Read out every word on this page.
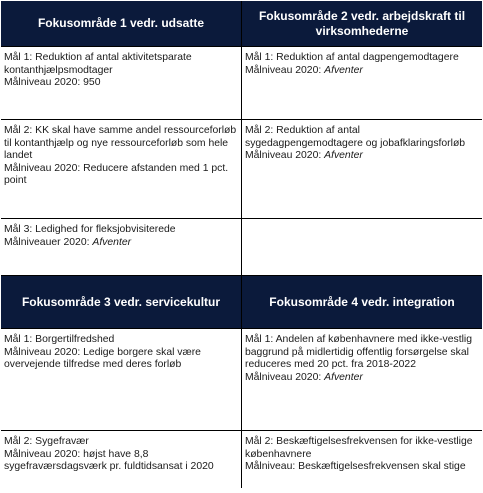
Fokusområde 1 vedr. udsatte
Fokusområde 2 vedr. arbejdskraft til virksomhederne
Mål 1: Reduktion af antal aktivitetsparate kontanthjælpsmodtager
Målniveau 2020: 950
Mål 1: Reduktion af antal dagpengemodtagere
Målniveau 2020: Afventer
Mål 2: KK skal have samme andel ressourceforløb til kontanthjælp og nye ressourceforløb som hele landet
Målniveau 2020: Reducere afstanden med 1 pct. point
Mål 2: Reduktion af antal sygedagpengemodtagere og jobafklaringsforløb
Målniveau 2020: Afventer
Mål 3: Ledighed for fleksjobvisiterede
Målniveauer 2020: Afventer
Fokusområde 3 vedr. servicekultur	Fokusområde 4 vedr. integration
Mål 1: Borgertilfredshed
Målniveau 2020: Ledige borgere skal være overvejende tilfredse med deres forløb
Mål 1: Andelen af københavnere med ikke-vestlig baggrund på midlertidig offentlig forsørgelse skal reduceres med 20 pct. fra 2018-2022
Målniveau 2020: Afventer
Mål 2: Sygefravær
Målniveau 2020: højst have 8,8 sygefraværsdagsværk pr. fuldtidsansat i 2020
Mål 2: Beskæftigelsesfrekvensen for ikke-vestlige københavnere
Målniveau: Beskæftigelsesfrekvensen skal stige
